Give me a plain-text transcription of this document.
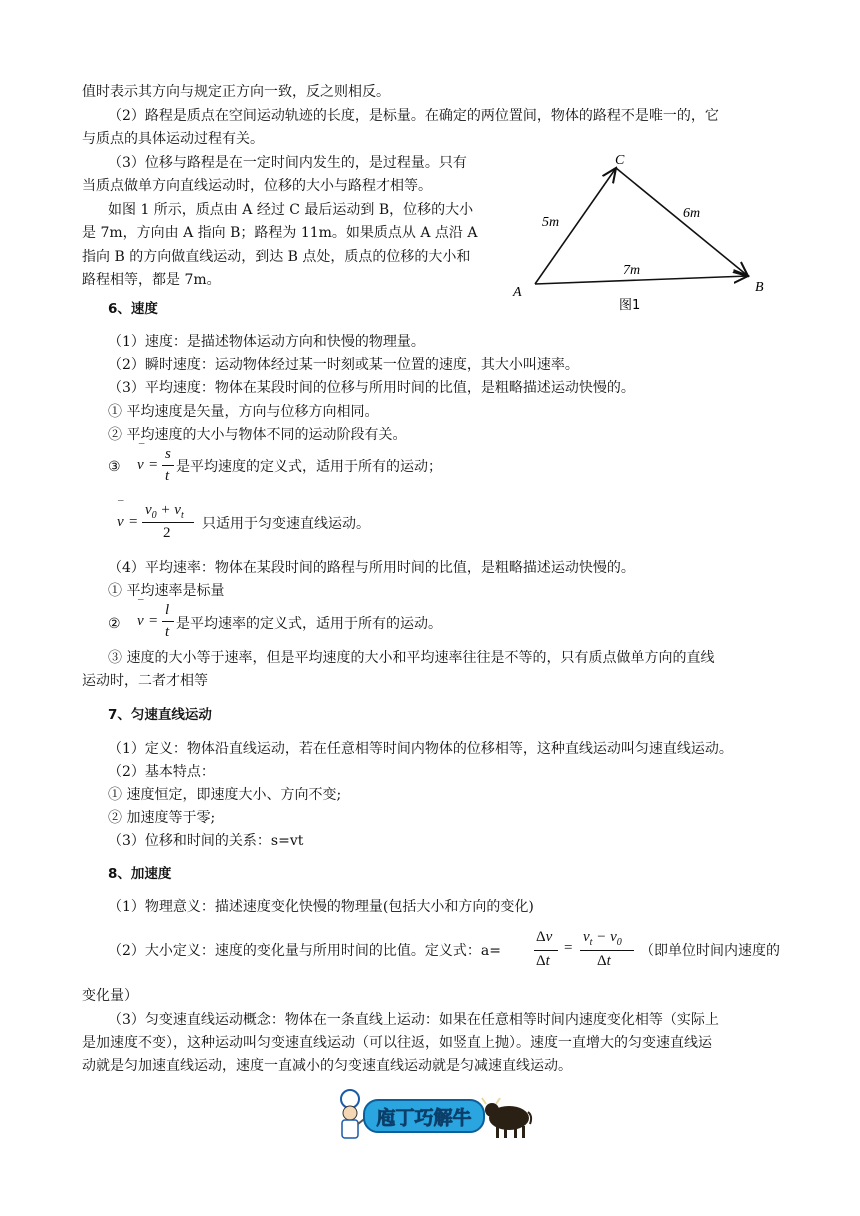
值时表示其方向与规定正方向一致，反之则相反。
（2）路程是质点在空间运动轨迹的长度，是标量。在确定的两位置间，物体的路程不是唯一的，它
与质点的具体运动过程有关。
（3）位移与路程是在一定时间内发生的，是过程量。只有
当质点做单方向直线运动时，位移的大小与路程才相等。
如图 1 所示，质点由 A 经过 C 最后运动到 B，位移的大小
是 7m，方向由 A 指向 B；路程为 11m。如果质点从 A 点沿 A
指向 B 的方向做直线运动，到达 B 点处，质点的位移的大小和
路程相等，都是 7m。
C
A	B
5m
6m
7m
图1
6、速度
（1）速度：是描述物体运动方向和快慢的物理量。
（2）瞬时速度：运动物体经过某一时刻或某一位置的速度，其大小叫速率。
（3）平均速度：物体在某段时间的位移与所用时间的比值，是粗略描述运动快慢的。
① 平均速度是矢量，方向与位移方向相同。
② 平均速度的大小与物体不同的运动阶段有关。
③
¯
v =
s
t
是平均速度的定义式，适用于所有的运动；
¯
v =
$v_0 + v_t$
2
只适用于匀变速直线运动。
（4）平均速率：物体在某段时间的路程与所用时间的比值，是粗略描述运动快慢的。
① 平均速率是标量
②
¯
v =
l
t 是平均速率的定义式，适用于所有的运动。
③ 速度的大小等于速率，但是平均速度的大小和平均速率往往是不等的，只有质点做单方向的直线
运动时，二者才相等
7、匀速直线运动
（1）定义：物体沿直线运动，若在任意相等时间内物体的位移相等，这种直线运动叫匀速直线运动。
（2）基本特点：
① 速度恒定，即速度大小、方向不变;
② 加速度等于零;
（3）位移和时间的关系：s=vt
8、加速度
（1）物理意义：描述速度变化快慢的物理量(包括大小和方向的变化)
（2）大小定义：速度的变化量与所用时间的比值。定义式：a=
Δv
Δt
=
$v_t - v_0$
Δt
（即单位时间内速度的
变化量）
（3）匀变速直线运动概念：物体在一条直线上运动：如果在任意相等时间内速度变化相等（实际上
是加速度不变），这种运动叫匀变速直线运动（可以往返，如竖直上抛）。速度一直增大的匀变速直线运
动就是匀加速直线运动，速度一直减小的匀变速直线运动就是匀减速直线运动。
庖丁巧解牛
